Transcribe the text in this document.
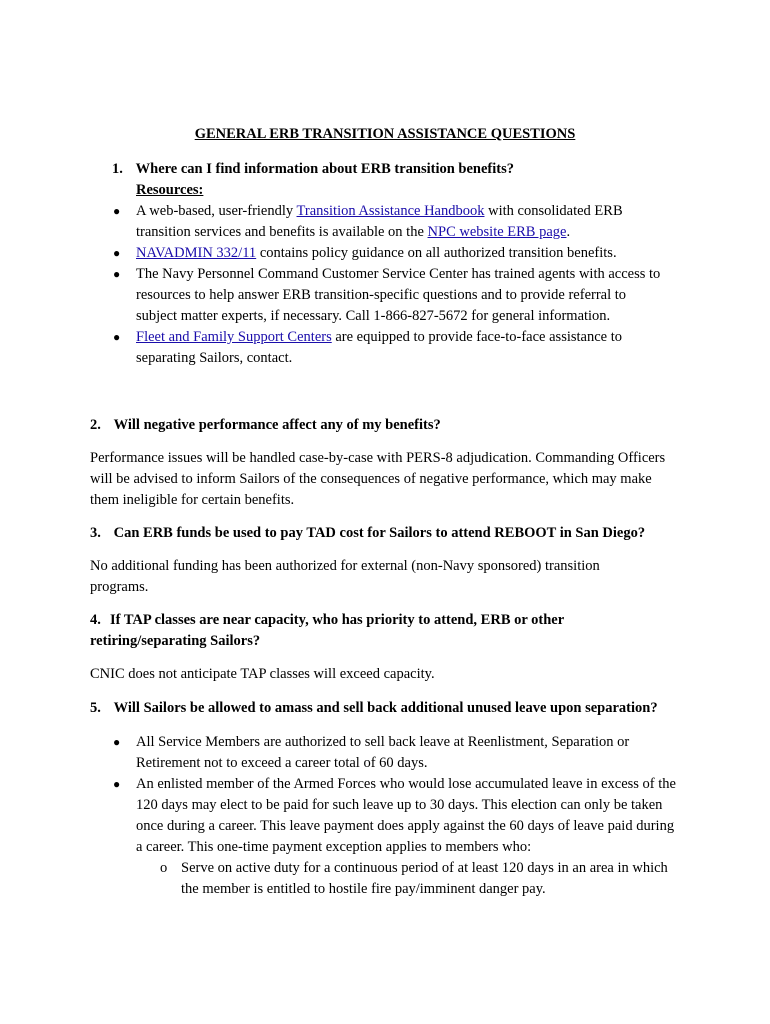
GENERAL ERB TRANSITION ASSISTANCE QUESTIONS
1. Where can I find information about ERB transition benefits?
Resources:
● A web-based, user-friendly Transition Assistance Handbook with consolidated ERB transition services and benefits is available on the NPC website ERB page.
● NAVADMIN 332/11 contains policy guidance on all authorized transition benefits.
● The Navy Personnel Command Customer Service Center has trained agents with access to resources to help answer ERB transition-specific questions and to provide referral to subject matter experts, if necessary. Call 1-866-827-5672 for general information.
● Fleet and Family Support Centers are equipped to provide face-to-face assistance to separating Sailors, contact.
2. Will negative performance affect any of my benefits?
Performance issues will be handled case-by-case with PERS-8 adjudication. Commanding Officers will be advised to inform Sailors of the consequences of negative performance, which may make them ineligible for certain benefits.
3. Can ERB funds be used to pay TAD cost for Sailors to attend REBOOT in San Diego?
No additional funding has been authorized for external (non-Navy sponsored) transition programs.
4. If TAP classes are near capacity, who has priority to attend, ERB or other retiring/separating Sailors?
CNIC does not anticipate TAP classes will exceed capacity.
5. Will Sailors be allowed to amass and sell back additional unused leave upon separation?
● All Service Members are authorized to sell back leave at Reenlistment, Separation or Retirement not to exceed a career total of 60 days.
● An enlisted member of the Armed Forces who would lose accumulated leave in excess of the 120 days may elect to be paid for such leave up to 30 days. This election can only be taken once during a career. This leave payment does apply against the 60 days of leave paid during a career. This one-time payment exception applies to members who:
o Serve on active duty for a continuous period of at least 120 days in an area in which the member is entitled to hostile fire pay/imminent danger pay.
